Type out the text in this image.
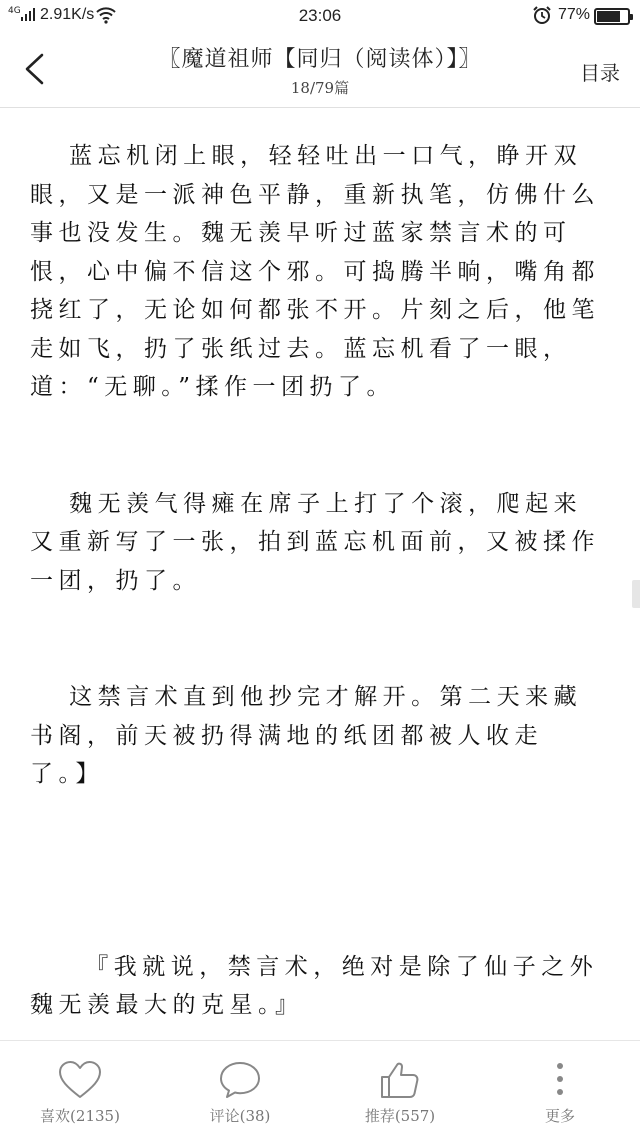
4G 2.91K/s	23:06	77%
〖魔道祖师【同归（阅读体）】〗
18/79篇
目录

蓝忘机闭上眼，轻轻吐出一口气，睁开双眼，又是一派神色平静，重新执笔，仿佛什么事也没发生。魏无羡早听过蓝家禁言术的可恨，心中偏不信这个邪。可捣腾半晌，嘴角都挠红了，无论如何都张不开。片刻之后，他笔走如飞，扔了张纸过去。蓝忘机看了一眼，道：“无聊。”揉作一团扔了。

魏无羡气得瘫在席子上打了个滚，爬起来又重新写了一张，拍到蓝忘机面前，又被揉作一团，扔了。

这禁言术直到他抄完才解开。第二天来藏书阁，前天被扔得满地的纸团都被人收走了。】

『我就说，禁言术，绝对是除了仙子之外魏无羡最大的克星。』

喜欢(2135)	评论(38)	推荐(557)	更多
